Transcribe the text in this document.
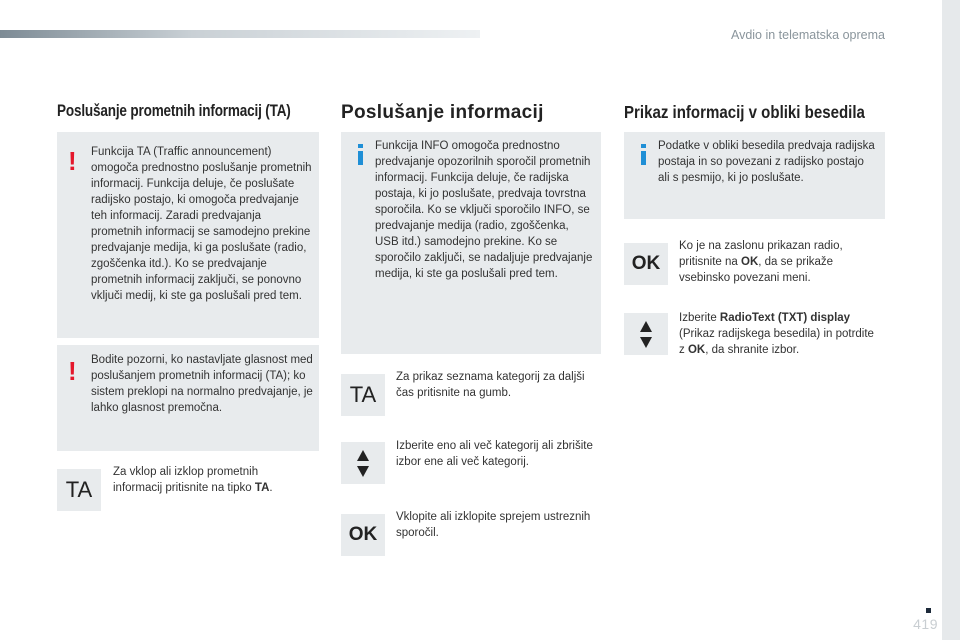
Avdio in telematska oprema
419
Poslušanje prometnih informacij (TA)
! Funkcija TA (Traffic announcement) omogoča prednostno poslušanje prometnih informacij. Funkcija deluje, če poslušate radijsko postajo, ki omogoča predvajanje teh informacij. Zaradi predvajanja prometnih informacij se samodejno prekine predvajanje medija, ki ga poslušate (radio, zgoščenka itd.). Ko se predvajanje prometnih informacij zaključi, se ponovno vključi medij, ki ste ga poslušali pred tem.
! Bodite pozorni, ko nastavljate glasnost med poslušanjem prometnih informacij (TA); ko sistem preklopi na normalno predvajanje, je lahko glasnost premočna.
TA
Za vklop ali izklop prometnih informacij pritisnite na tipko TA.
Poslušanje informacij
Funkcija INFO omogoča prednostno predvajanje opozorilnih sporočil prometnih informacij. Funkcija deluje, če radijska postaja, ki jo poslušate, predvaja tovrstna sporočila. Ko se vključi sporočilo INFO, se predvajanje medija (radio, zgoščenka, USB itd.) samodejno prekine. Ko se sporočilo zaključi, se nadaljuje predvajanje medija, ki ste ga poslušali pred tem.
TA
Za prikaz seznama kategorij za daljši čas pritisnite na gumb.
Izberite eno ali več kategorij ali zbrišite izbor ene ali več kategorij.
OK
Vklopite ali izklopite sprejem ustreznih sporočil.
Prikaz informacij v obliki besedila
Podatke v obliki besedila predvaja radijska postaja in so povezani z radijsko postajo ali s pesmijo, ki jo poslušate.
OK
Ko je na zaslonu prikazan radio, pritisnite na OK, da se prikaže vsebinsko povezani meni.
Izberite RadioText (TXT) display (Prikaz radijskega besedila) in potrdite z OK, da shranite izbor.
